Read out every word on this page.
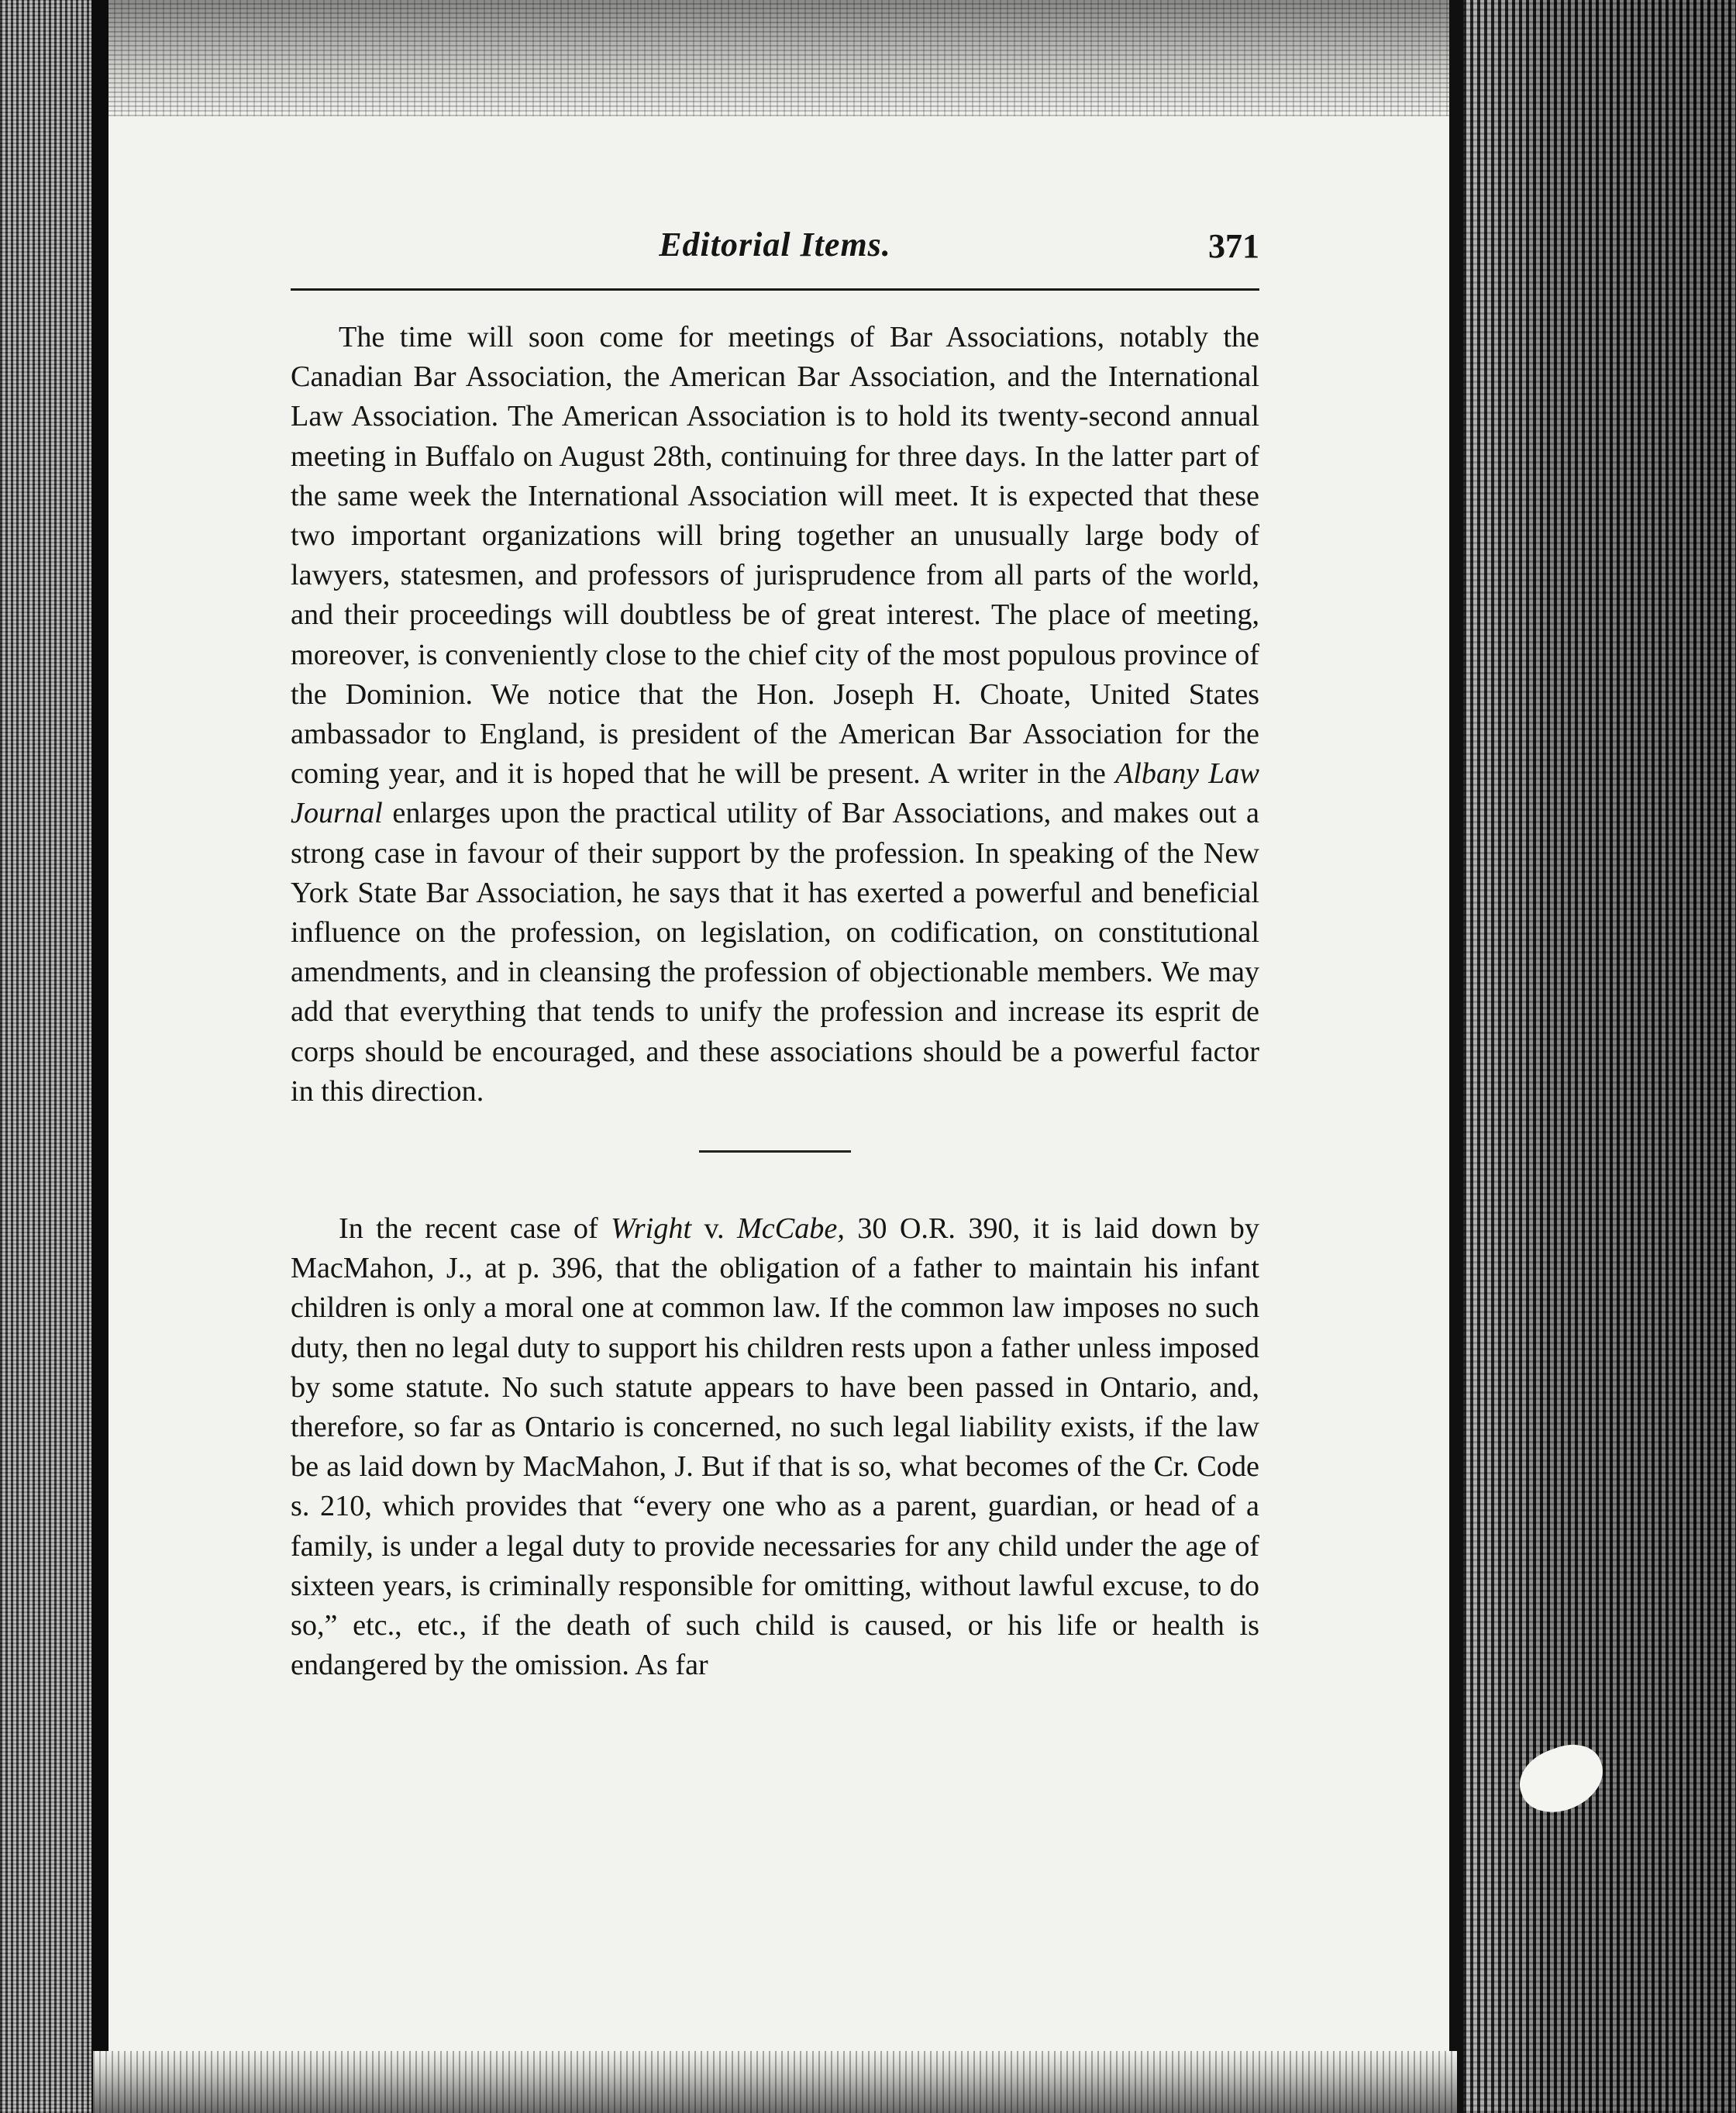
Editorial Items.	371

The time will soon come for meetings of Bar Associations, notably the Canadian Bar Association, the American Bar Association, and the International Law Association. The American Association is to hold its twenty-second annual meeting in Buffalo on August 28th, continuing for three days. In the latter part of the same week the International Association will meet. It is expected that these two important organizations will bring together an unusually large body of lawyers, statesmen, and professors of jurisprudence from all parts of the world, and their proceedings will doubtless be of great interest. The place of meeting, moreover, is conveniently close to the chief city of the most populous province of the Dominion. We notice that the Hon. Joseph H. Choate, United States ambassador to England, is president of the American Bar Association for the coming year, and it is hoped that he will be present. A writer in the Albany Law Journal enlarges upon the practical utility of Bar Associations, and makes out a strong case in favour of their support by the profession. In speaking of the New York State Bar Association, he says that it has exerted a powerful and beneficial influence on the profession, on legislation, on codification, on constitutional amendments, and in cleansing the profession of objectionable members. We may add that everything that tends to unify the profession and increase its esprit de corps should be encouraged, and these associations should be a powerful factor in this direction.

In the recent case of Wright v. McCabe, 30 O.R. 390, it is laid down by MacMahon, J., at p. 396, that the obligation of a father to maintain his infant children is only a moral one at common law. If the common law imposes no such duty, then no legal duty to support his children rests upon a father unless imposed by some statute. No such statute appears to have been passed in Ontario, and, therefore, so far as Ontario is concerned, no such legal liability exists, if the law be as laid down by MacMahon, J. But if that is so, what becomes of the Cr. Code s. 210, which provides that “every one who as a parent, guardian, or head of a family, is under a legal duty to provide necessaries for any child under the age of sixteen years, is criminally responsible for omitting, without lawful excuse, to do so,” etc., etc., if the death of such child is caused, or his life or health is endangered by the omission. As far
